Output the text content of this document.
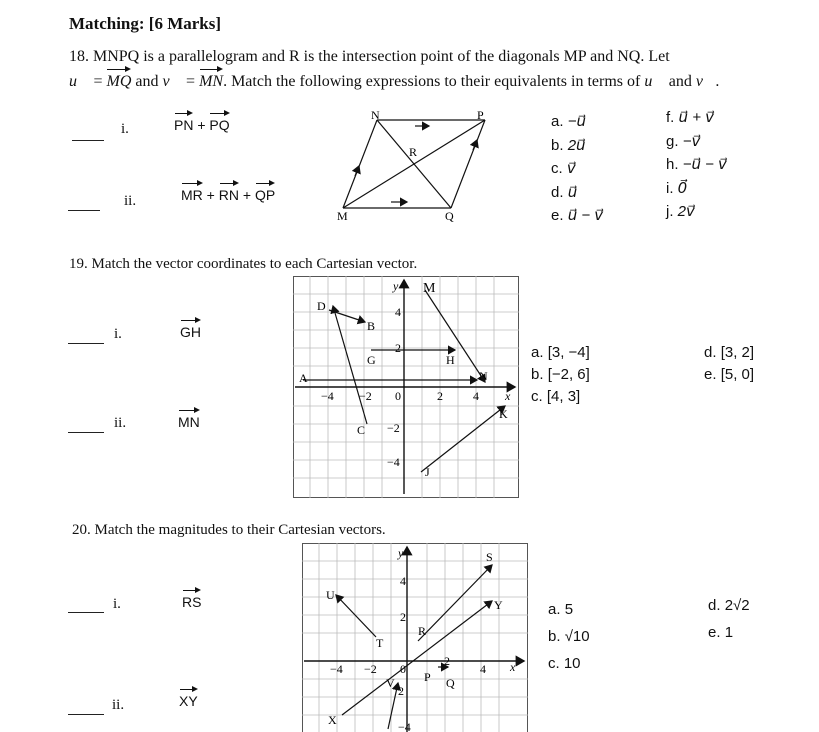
Matching: [6 Marks]
18. MNPQ is a parallelogram and R is the intersection point of the diagonals MP and NQ. Let
u⃗ = MQ and v⃗ = MN. Match the following expressions to their equivalents in terms of u⃗ and v⃗.
i.	PN + PQ
ii.	MR + RN + QP
N	P
R
M	Q
a. −u⃗
b. 2u⃗
c. v⃗
d. u⃗
e. u⃗ − v⃗
f. u⃗ + v⃗
g. −v⃗
h. −u⃗ − v⃗
i. 0⃗
j. 2v⃗
19. Match the vector coordinates to each Cartesian vector.
i.	GH
ii.	MN
D
M
B
G	H
A	N
K
C
J
y
x
−4 −2 0	2	4
4
2
−2
−4
a. [3, −4]
b. [−2, 6]
c. [4, 3]
d. [3, 2]
e. [5, 0]
20. Match the magnitudes to their Cartesian vectors.
i.	RS
ii.	XY
S
U
Y
R
T
V P Q
X
y
x
−4 −2 0
2
4
4
2
2
−4
a. 5
b. √10
c. 10
d. 2√2
e. 1
